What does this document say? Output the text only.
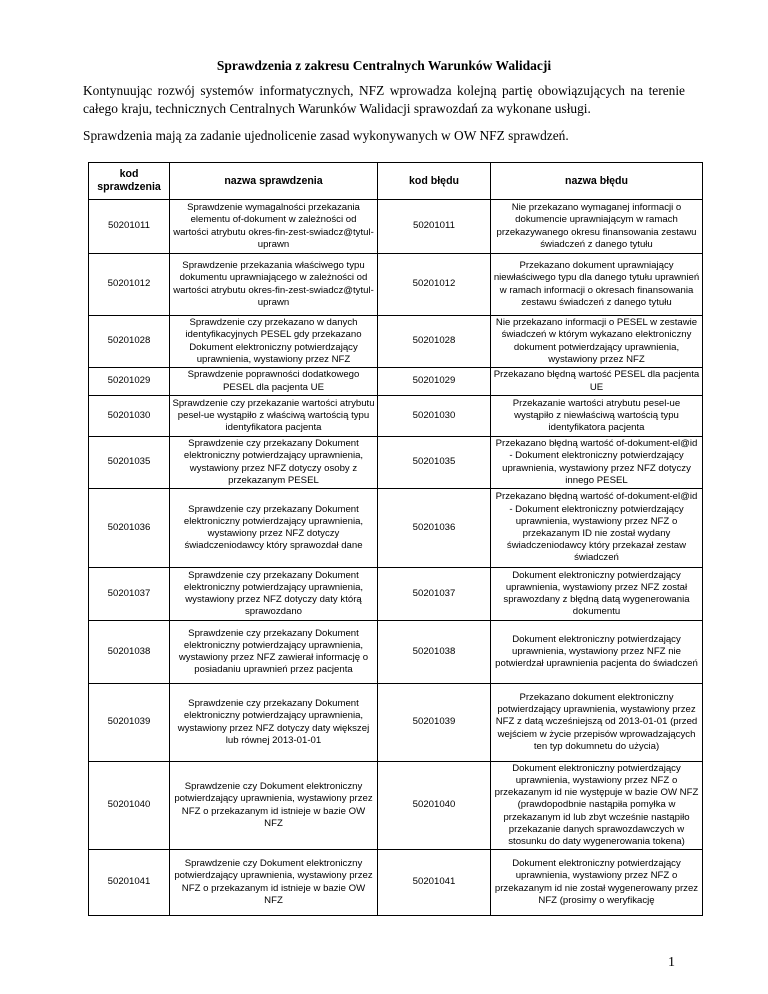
Sprawdzenia z zakresu Centralnych Warunków Walidacji
Kontynuując rozwój systemów informatycznych, NFZ wprowadza kolejną partię obowiązujących na terenie całego kraju, technicznych Centralnych Warunków Walidacji sprawozdań za wykonane usługi.
Sprawdzenia mają za zadanie ujednolicenie zasad wykonywanych w OW NFZ sprawdzeń.
kod sprawdzenia	nazwa sprawdzenia	kod błędu	nazwa błędu
50201011	Sprawdzenie wymagalności przekazania elementu of-dokument w zależności od wartości atrybutu okres-fin-zest-swiadcz@tytul-uprawn	50201011	Nie przekazano wymaganej informacji o dokumencie uprawniającym w ramach przekazywanego okresu finansowania zestawu świadczeń z danego tytułu
50201012	Sprawdzenie przekazania właściwego typu dokumentu uprawniającego w zależności od wartości atrybutu okres-fin-zest-swiadcz@tytul-uprawn	50201012	Przekazano dokument uprawniający niewłaściwego typu dla danego tytułu uprawnień w ramach informacji o okresach finansowania zestawu świadczeń z danego tytułu
50201028	Sprawdzenie czy przekazano w danych identyfikacyjnych PESEL gdy przekazano Dokument elektroniczny potwierdzający uprawnienia, wystawiony przez NFZ	50201028	Nie przekazano informacji o PESEL w zestawie świadczeń w którym wykazano elektroniczny dokument potwierdzający uprawnienia, wystawiony przez NFZ
50201029	Sprawdzenie poprawności dodatkowego PESEL dla pacjenta UE	50201029	Przekazano błędną wartość PESEL dla pacjenta UE
50201030	Sprawdzenie czy przekazanie wartości atrybutu pesel-ue wystąpiło z właściwą wartością typu identyfikatora pacjenta	50201030	Przekazanie wartości atrybutu pesel-ue wystąpiło z niewłaściwą wartością typu identyfikatora pacjenta
50201035	Sprawdzenie czy przekazany Dokument elektroniczny potwierdzający uprawnienia, wystawiony przez NFZ dotyczy osoby z przekazanym PESEL	50201035	Przekazano błędną wartość of-dokument-el@id - Dokument elektroniczny potwierdzający uprawnienia, wystawiony przez NFZ dotyczy innego PESEL
50201036	Sprawdzenie czy przekazany Dokument elektroniczny potwierdzający uprawnienia, wystawiony przez NFZ dotyczy świadczeniodawcy który sprawozdał dane	50201036	Przekazano błędną wartość of-dokument-el@id - Dokument elektroniczny potwierdzający uprawnienia, wystawiony przez NFZ o przekazanym ID nie został wydany świadczeniodawcy który przekazał zestaw świadczeń
50201037	Sprawdzenie czy przekazany Dokument elektroniczny potwierdzający uprawnienia, wystawiony przez NFZ dotyczy daty którą sprawozdano	50201037	Dokument elektroniczny potwierdzający uprawnienia, wystawiony przez NFZ został sprawozdany z błędną datą wygenerowania dokumentu
50201038	Sprawdzenie czy przekazany Dokument elektroniczny potwierdzający uprawnienia, wystawiony przez NFZ zawierał informację o posiadaniu uprawnień przez pacjenta	50201038	Dokument elektroniczny potwierdzający uprawnienia, wystawiony przez NFZ nie potwierdzał uprawnienia pacjenta do świadczeń
50201039	Sprawdzenie czy przekazany Dokument elektroniczny potwierdzający uprawnienia, wystawiony przez NFZ dotyczy daty większej lub równej 2013-01-01	50201039	Przekazano dokument elektroniczny potwierdzający uprawnienia, wystawiony przez NFZ z datą wcześniejszą od 2013-01-01 (przed wejściem w życie przepisów wprowadzających ten typ dokumnetu do użycia)
50201040	Sprawdzenie czy Dokument elektroniczny potwierdzający uprawnienia, wystawiony przez NFZ o przekazanym id istnieje w bazie OW NFZ	50201040	Dokument elektroniczny potwierdzający uprawnienia, wystawiony przez NFZ o przekazanym id nie występuje w bazie OW NFZ (prawdopodbnie nastąpiła pomyłka w przekazanym id lub zbyt wcześnie nastąpiło przekazanie danych sprawozdawczych w stosunku do daty wygenerowania tokena)
50201041	Sprawdzenie czy Dokument elektroniczny potwierdzający uprawnienia, wystawiony przez NFZ o przekazanym id istnieje w bazie OW NFZ	50201041	Dokument elektroniczny potwierdzający uprawnienia, wystawiony przez NFZ o przekazanym id nie został wygenerowany przez NFZ (prosimy o weryfikację
1
